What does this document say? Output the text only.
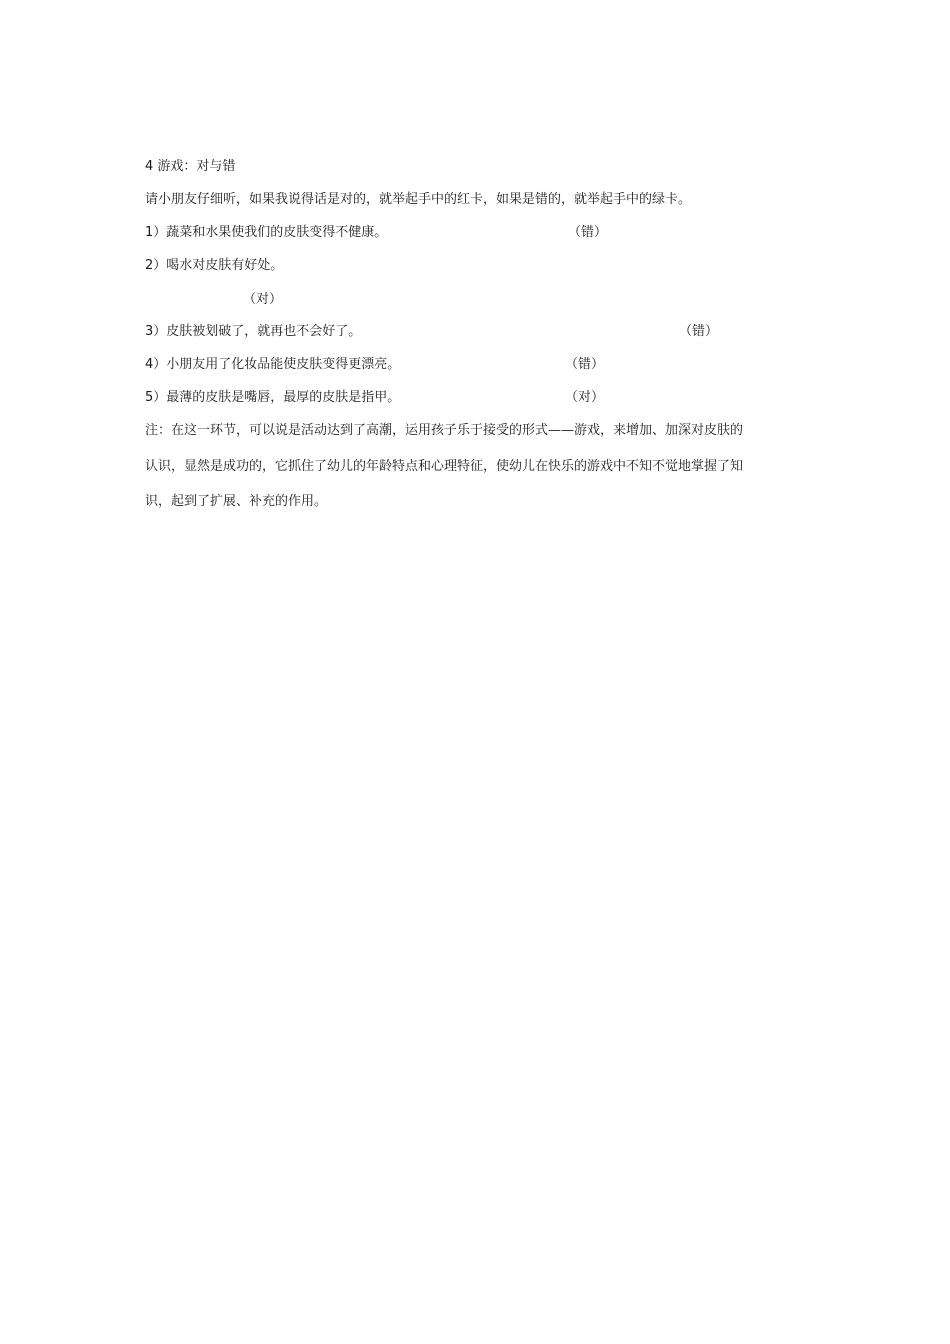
4 游戏：对与错
请小朋友仔细听，如果我说得话是对的，就举起手中的红卡，如果是错的，就举起手中的绿卡。
1）蔬菜和水果使我们的皮肤变得不健康。	（错）
2）喝水对皮肤有好处。
（对）
3）皮肤被划破了，就再也不会好了。	（错）
4）小朋友用了化妆品能使皮肤变得更漂亮。	（错）
5）最薄的皮肤是嘴唇，最厚的皮肤是指甲。	（对）
注：在这一环节，可以说是活动达到了高潮，运用孩子乐于接受的形式——游戏，来增加、加深对皮肤的
认识，显然是成功的，它抓住了幼儿的年龄特点和心理特征，使幼儿在快乐的游戏中不知不觉地掌握了知
识，起到了扩展、补充的作用。
